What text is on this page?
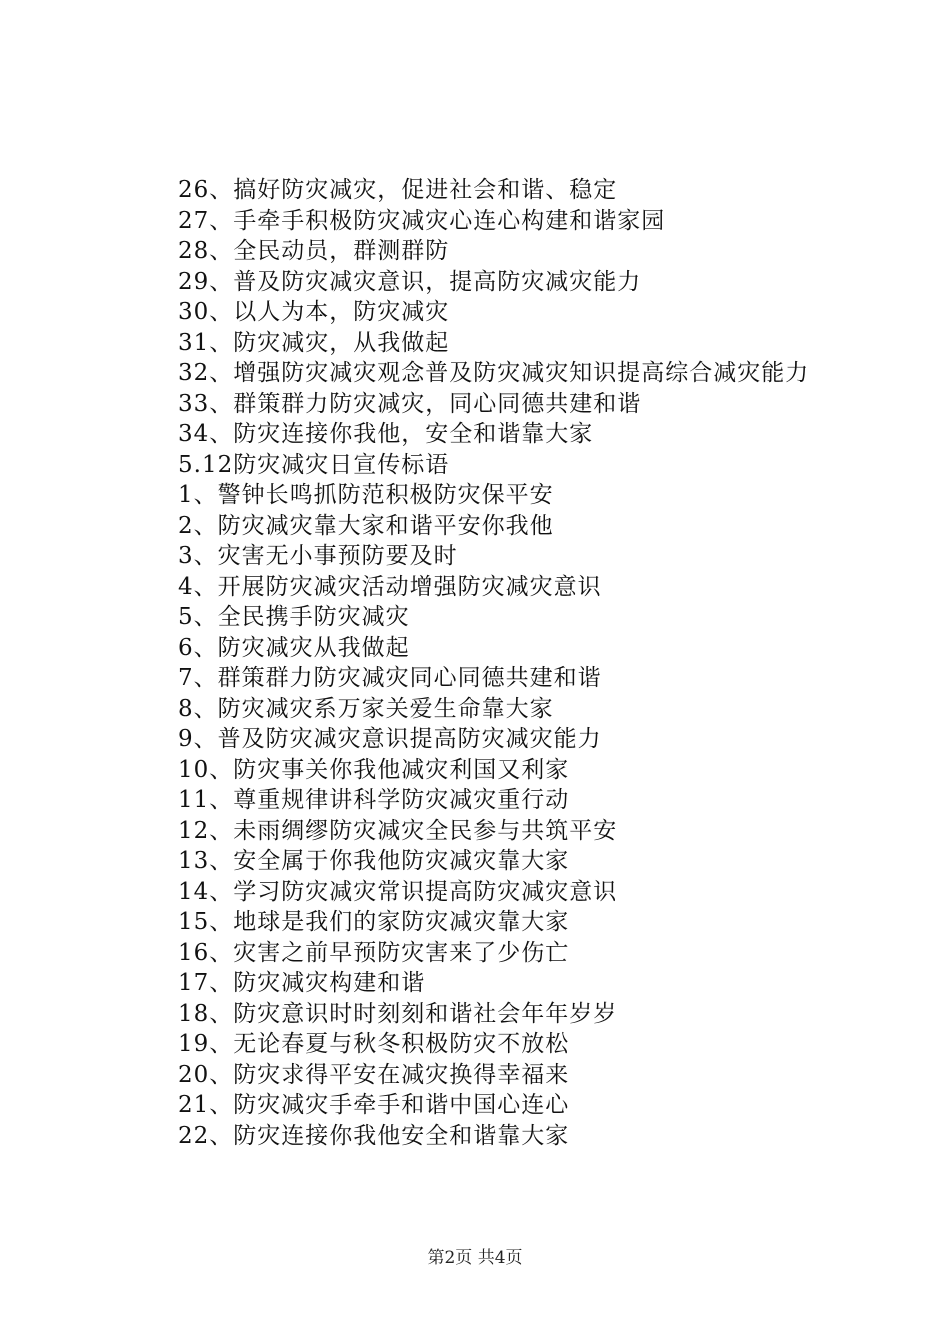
26、搞好防灾减灾，促进社会和谐、稳定
27、手牵手积极防灾减灾心连心构建和谐家园
28、全民动员，群测群防
29、普及防灾减灾意识，提高防灾减灾能力
30、以人为本，防灾减灾
31、防灾减灾，从我做起
32、增强防灾减灾观念普及防灾减灾知识提高综合减灾能力
33、群策群力防灾减灾，同心同德共建和谐
34、防灾连接你我他，安全和谐靠大家
5.12防灾减灾日宣传标语
1、警钟长鸣抓防范积极防灾保平安
2、防灾减灾靠大家和谐平安你我他
3、灾害无小事预防要及时
4、开展防灾减灾活动增强防灾减灾意识
5、全民携手防灾减灾
6、防灾减灾从我做起
7、群策群力防灾减灾同心同德共建和谐
8、防灾减灾系万家关爱生命靠大家
9、普及防灾减灾意识提高防灾减灾能力
10、防灾事关你我他减灾利国又利家
11、尊重规律讲科学防灾减灾重行动
12、未雨绸缪防灾减灾全民参与共筑平安
13、安全属于你我他防灾减灾靠大家
14、学习防灾减灾常识提高防灾减灾意识
15、地球是我们的家防灾减灾靠大家
16、灾害之前早预防灾害来了少伤亡
17、防灾减灾构建和谐
18、防灾意识时时刻刻和谐社会年年岁岁
19、无论春夏与秋冬积极防灾不放松
20、防灾求得平安在减灾换得幸福来
21、防灾减灾手牵手和谐中国心连心
22、防灾连接你我他安全和谐靠大家
第2页 共4页
